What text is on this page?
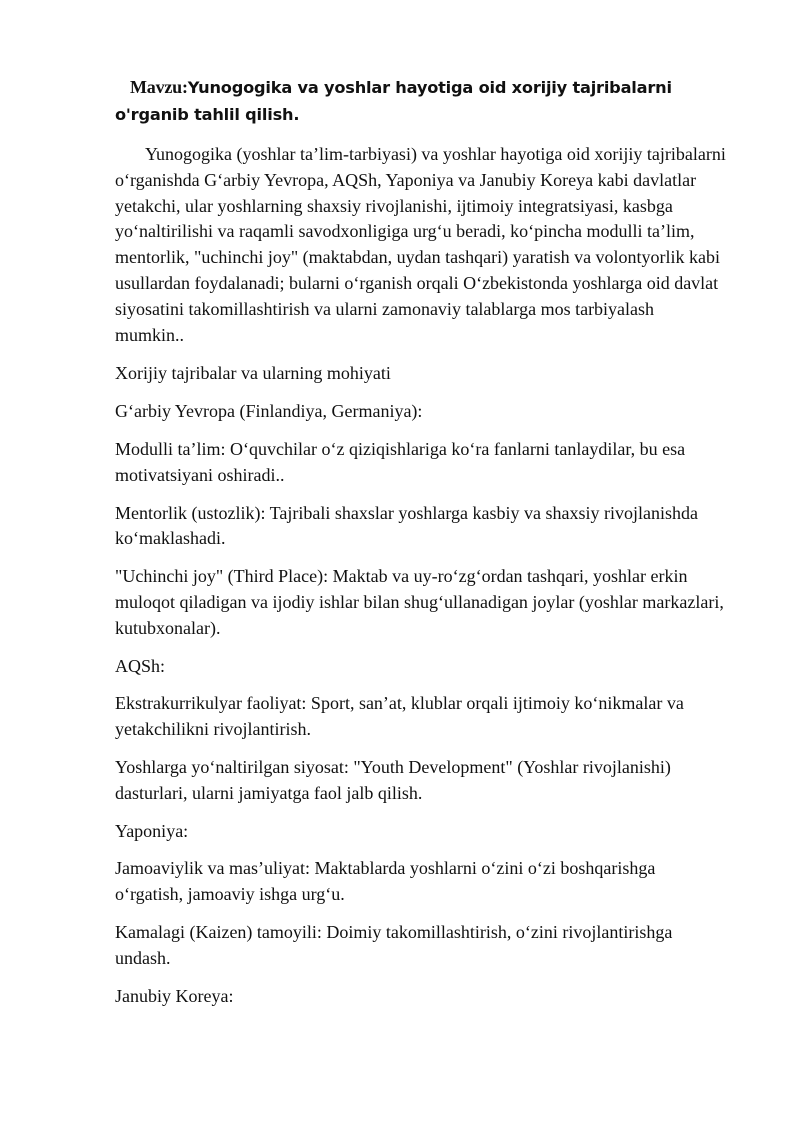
Mavzu:Yunogogika va yoshlar hayotiga oid xorijiy tajribalarni o'rganib tahlil qilish.

Yunogogika (yoshlar ta’lim-tarbiyasi) va yoshlar hayotiga oid xorijiy tajribalarni oʻrganishda Gʻarbiy Yevropa, AQSh, Yaponiya va Janubiy Koreya kabi davlatlar yetakchi, ular yoshlarning shaxsiy rivojlanishi, ijtimoiy integratsiyasi, kasbga yoʻnaltirilishi va raqamli savodxonligiga urgʻu beradi, koʻpincha modulli ta’lim, mentorlik, "uchinchi joy" (maktabdan, uydan tashqari) yaratish va volontyorlik kabi usullardan foydalanadi; bularni oʻrganish orqali Oʻzbekistonda yoshlarga oid davlat siyosatini takomillashtirish va ularni zamonaviy talablarga mos tarbiyalash mumkin..

Xorijiy tajribalar va ularning mohiyati

Gʻarbiy Yevropa (Finlandiya, Germaniya):

Modulli ta’lim: Oʻquvchilar oʻz qiziqishlariga koʻra fanlarni tanlaydilar, bu esa motivatsiyani oshiradi..

Mentorlik (ustozlik): Tajribali shaxslar yoshlarga kasbiy va shaxsiy rivojlanishda koʻmaklashadi.

"Uchinchi joy" (Third Place): Maktab va uy-roʻzgʻordan tashqari, yoshlar erkin muloqot qiladigan va ijodiy ishlar bilan shugʻullanadigan joylar (yoshlar markazlari, kutubxonalar).

AQSh:

Ekstrakurrikulyar faoliyat: Sport, san’at, klublar orqali ijtimoiy koʻnikmalar va yetakchilikni rivojlantirish.

Yoshlarga yoʻnaltirilgan siyosat: "Youth Development" (Yoshlar rivojlanishi) dasturlari, ularni jamiyatga faol jalb qilish.

Yaponiya:

Jamoaviylik va mas’uliyat: Maktablarda yoshlarni oʻzini oʻzi boshqarishga oʻrgatish, jamoaviy ishga urgʻu.

Kamalagi (Kaizen) tamoyili: Doimiy takomillashtirish, oʻzini rivojlantirishga undash.

Janubiy Koreya:
